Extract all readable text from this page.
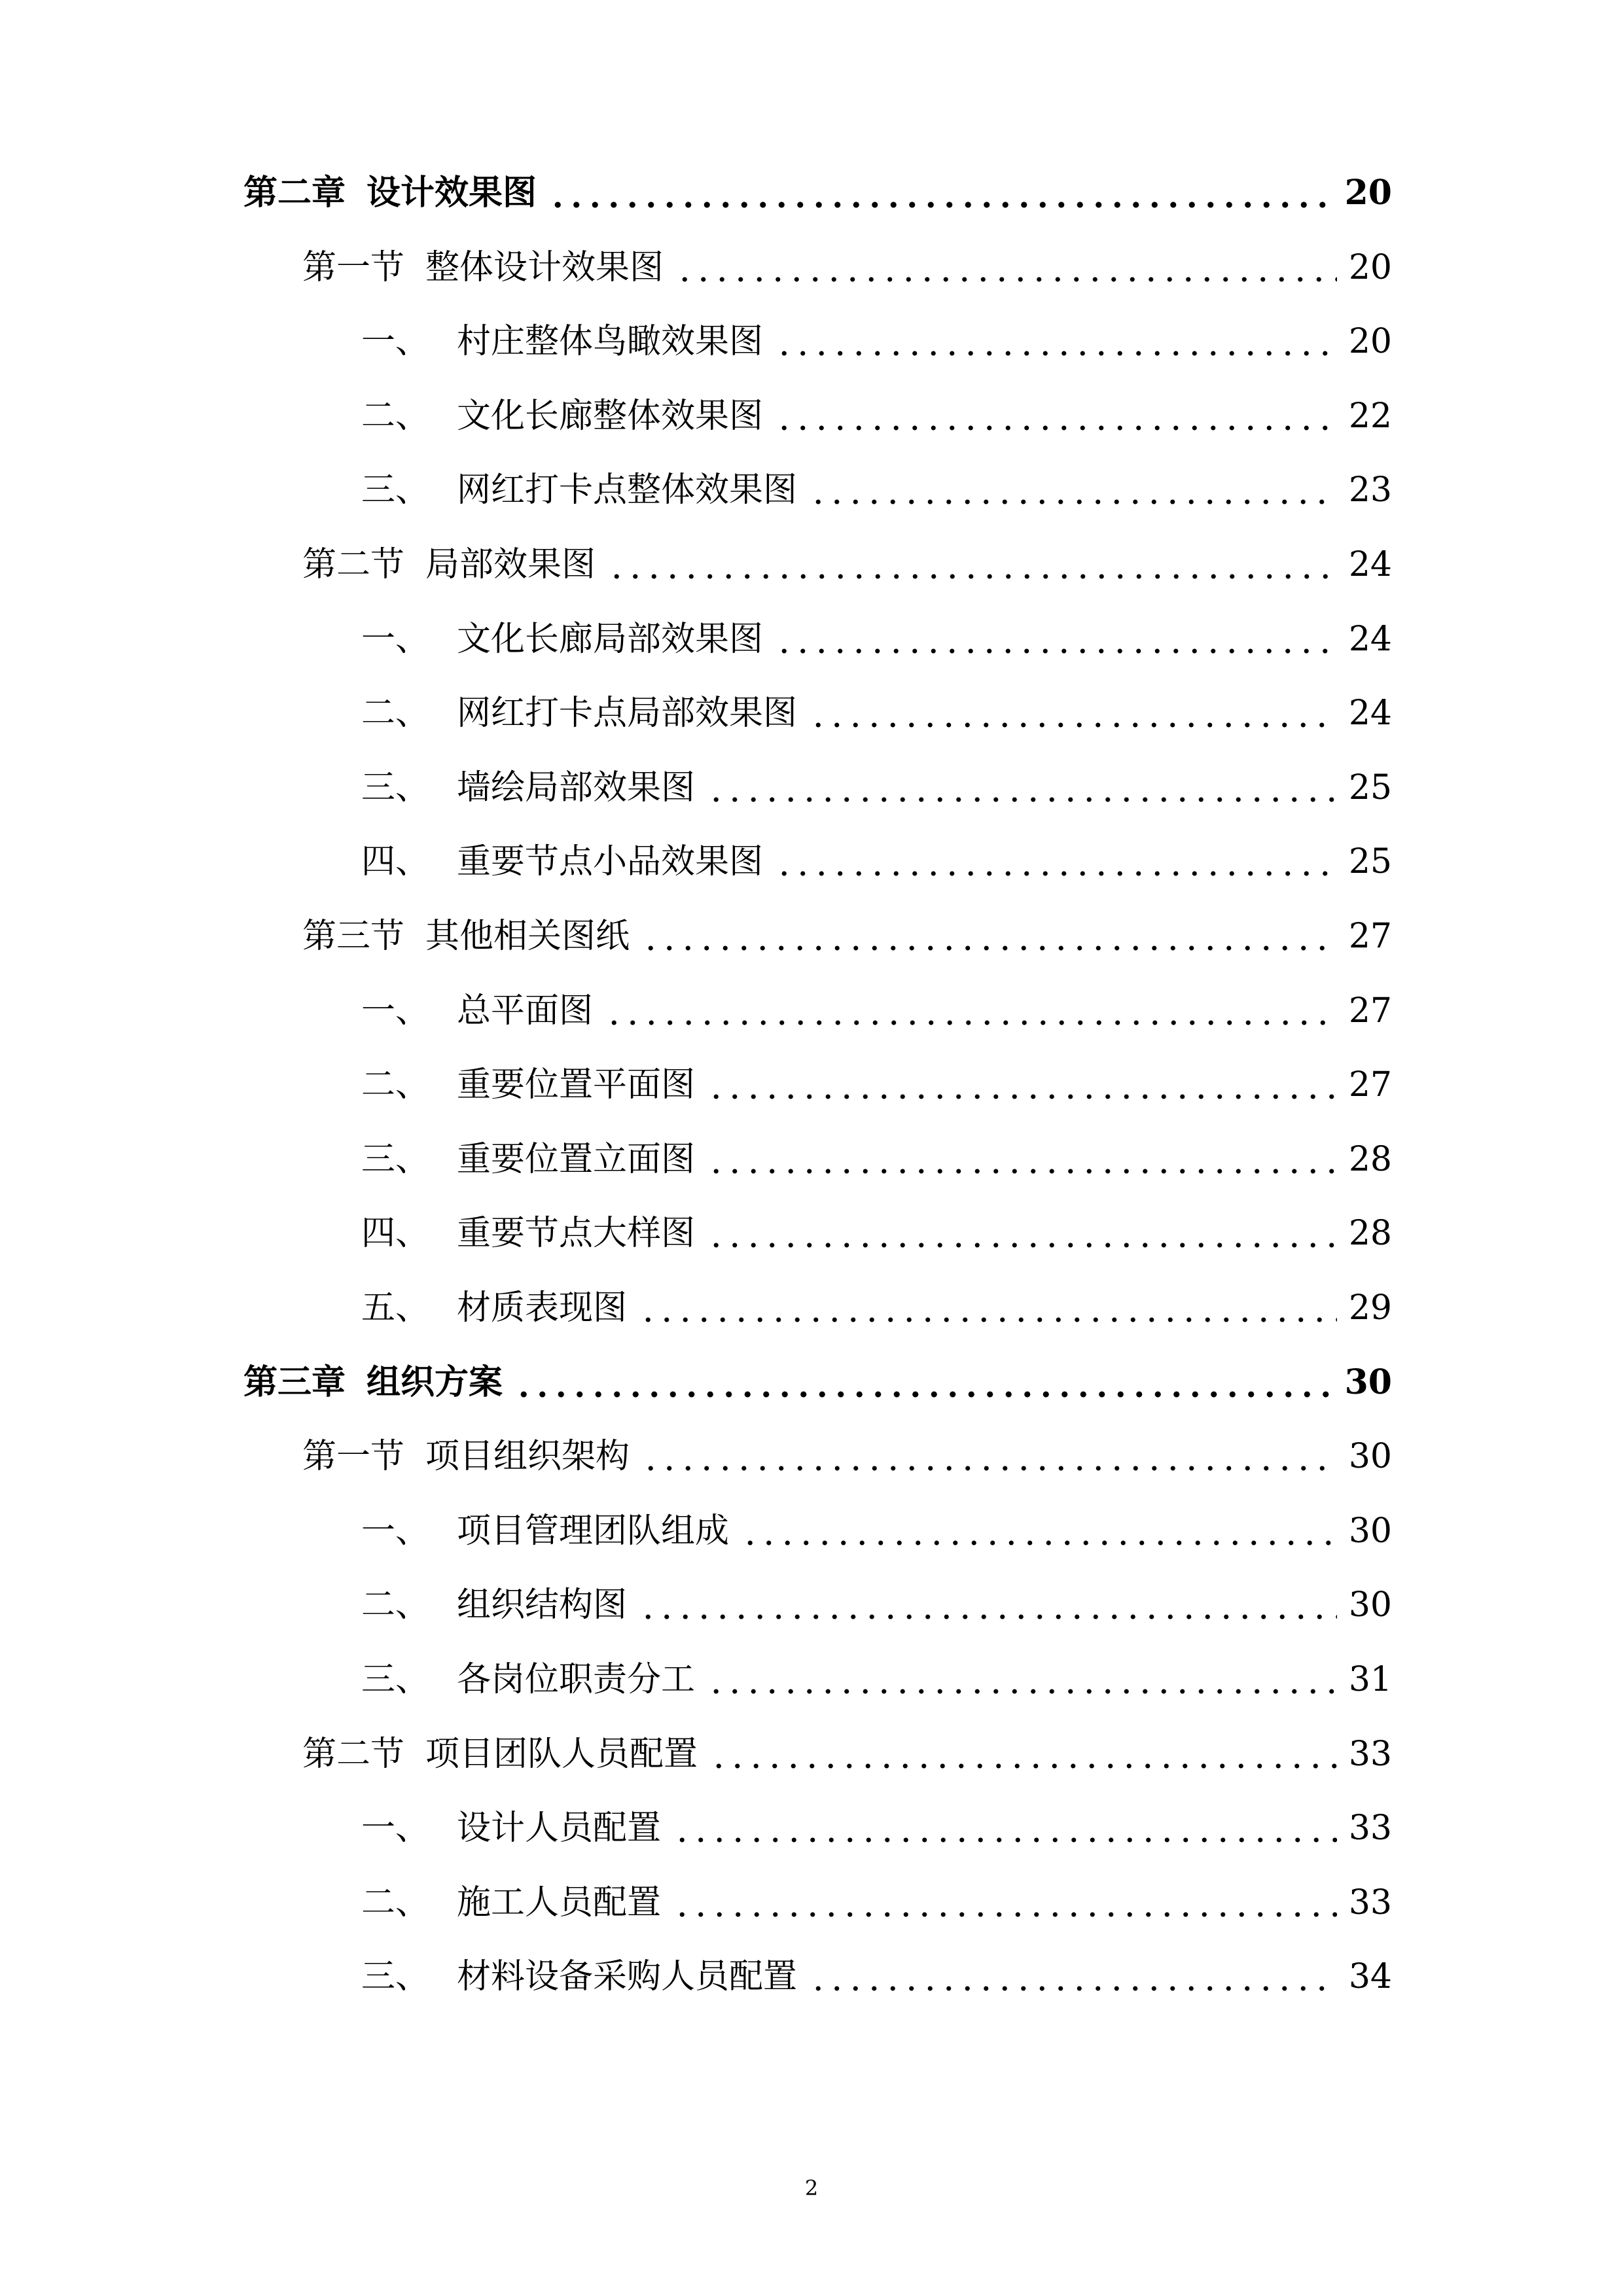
第二章 设计效果图	20
第一节 整体设计效果图	20
一、 村庄整体鸟瞰效果图	20
二、 文化长廊整体效果图	22
三、 网红打卡点整体效果图	23
第二节 局部效果图	24
一、 文化长廊局部效果图	24
二、 网红打卡点局部效果图	24
三、 墙绘局部效果图	25
四、 重要节点小品效果图	25
第三节 其他相关图纸	27
一、 总平面图	27
二、 重要位置平面图	27
三、 重要位置立面图	28
四、 重要节点大样图	28
五、 材质表现图	29
第三章 组织方案	30
第一节 项目组织架构	30
一、 项目管理团队组成	30
二、 组织结构图	30
三、 各岗位职责分工	31
第二节 项目团队人员配置	33
一、 设计人员配置	33
二、 施工人员配置	33
三、 材料设备采购人员配置	34
2
